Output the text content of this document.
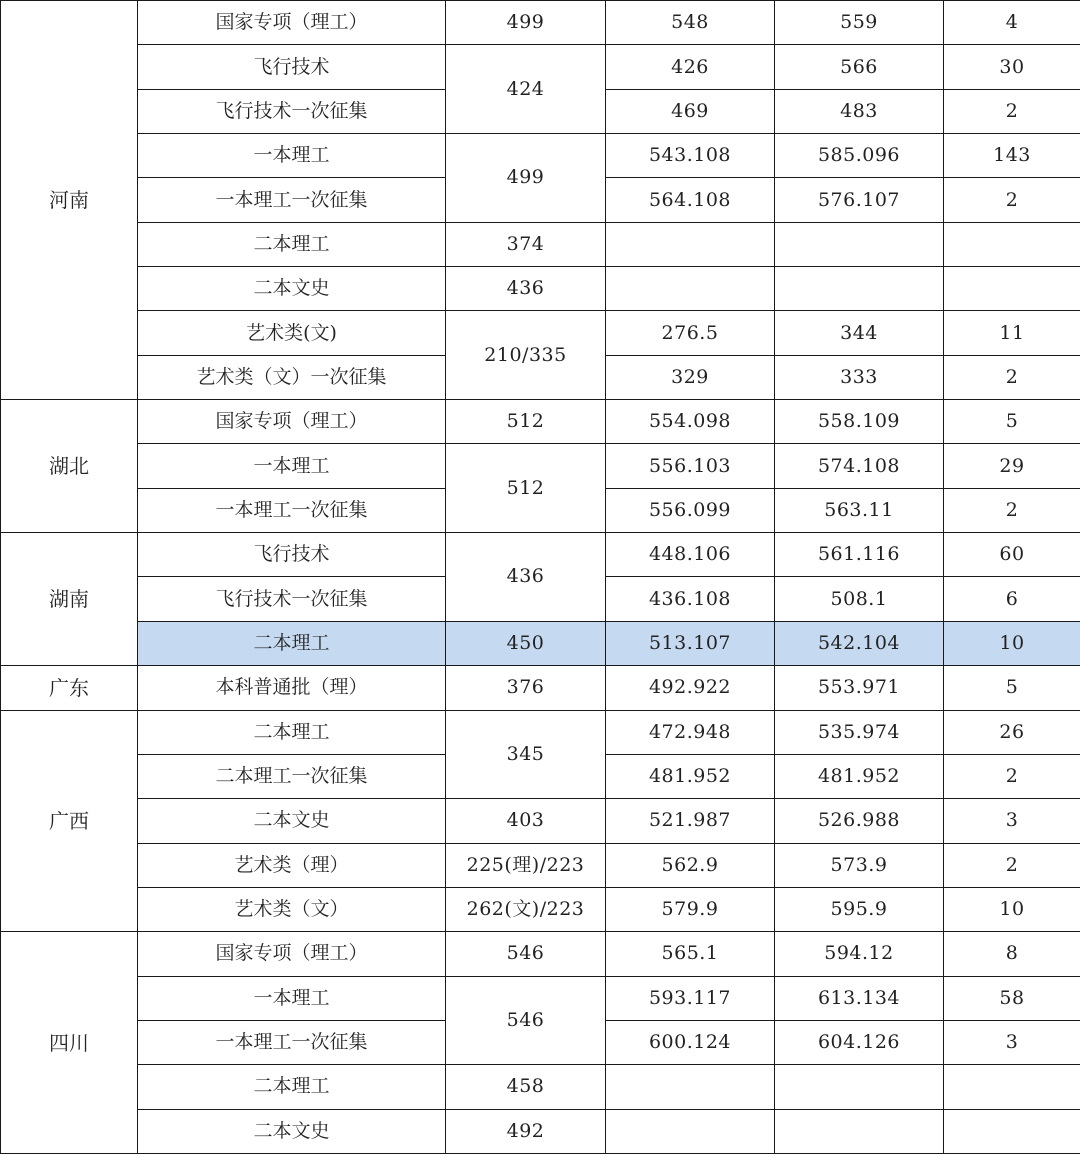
河南	国家专项（理工）	499	548	559	4
	飞行技术	424	426	566	30
	飞行技术一次征集		469	483	2
	一本理工	499	543.108	585.096	143
	一本理工一次征集		564.108	576.107	2
	二本理工	374			
	二本文史	436			
	艺术类(文)	210/335	276.5	344	11
	艺术类（文）一次征集		329	333	2
湖北	国家专项（理工）	512	554.098	558.109	5
	一本理工	512	556.103	574.108	29
	一本理工一次征集		556.099	563.11	2
湖南	飞行技术	436	448.106	561.116	60
	飞行技术一次征集		436.108	508.1	6
	二本理工	450	513.107	542.104	10
广东	本科普通批（理）	376	492.922	553.971	5
广西	二本理工	345	472.948	535.974	26
	二本理工一次征集		481.952	481.952	2
	二本文史	403	521.987	526.988	3
	艺术类（理）	225(理)/223	562.9	573.9	2
	艺术类（文）	262(文)/223	579.9	595.9	10
四川	国家专项（理工）	546	565.1	594.12	8
	一本理工	546	593.117	613.134	58
	一本理工一次征集		600.124	604.126	3
	二本理工	458			
	二本文史	492			
